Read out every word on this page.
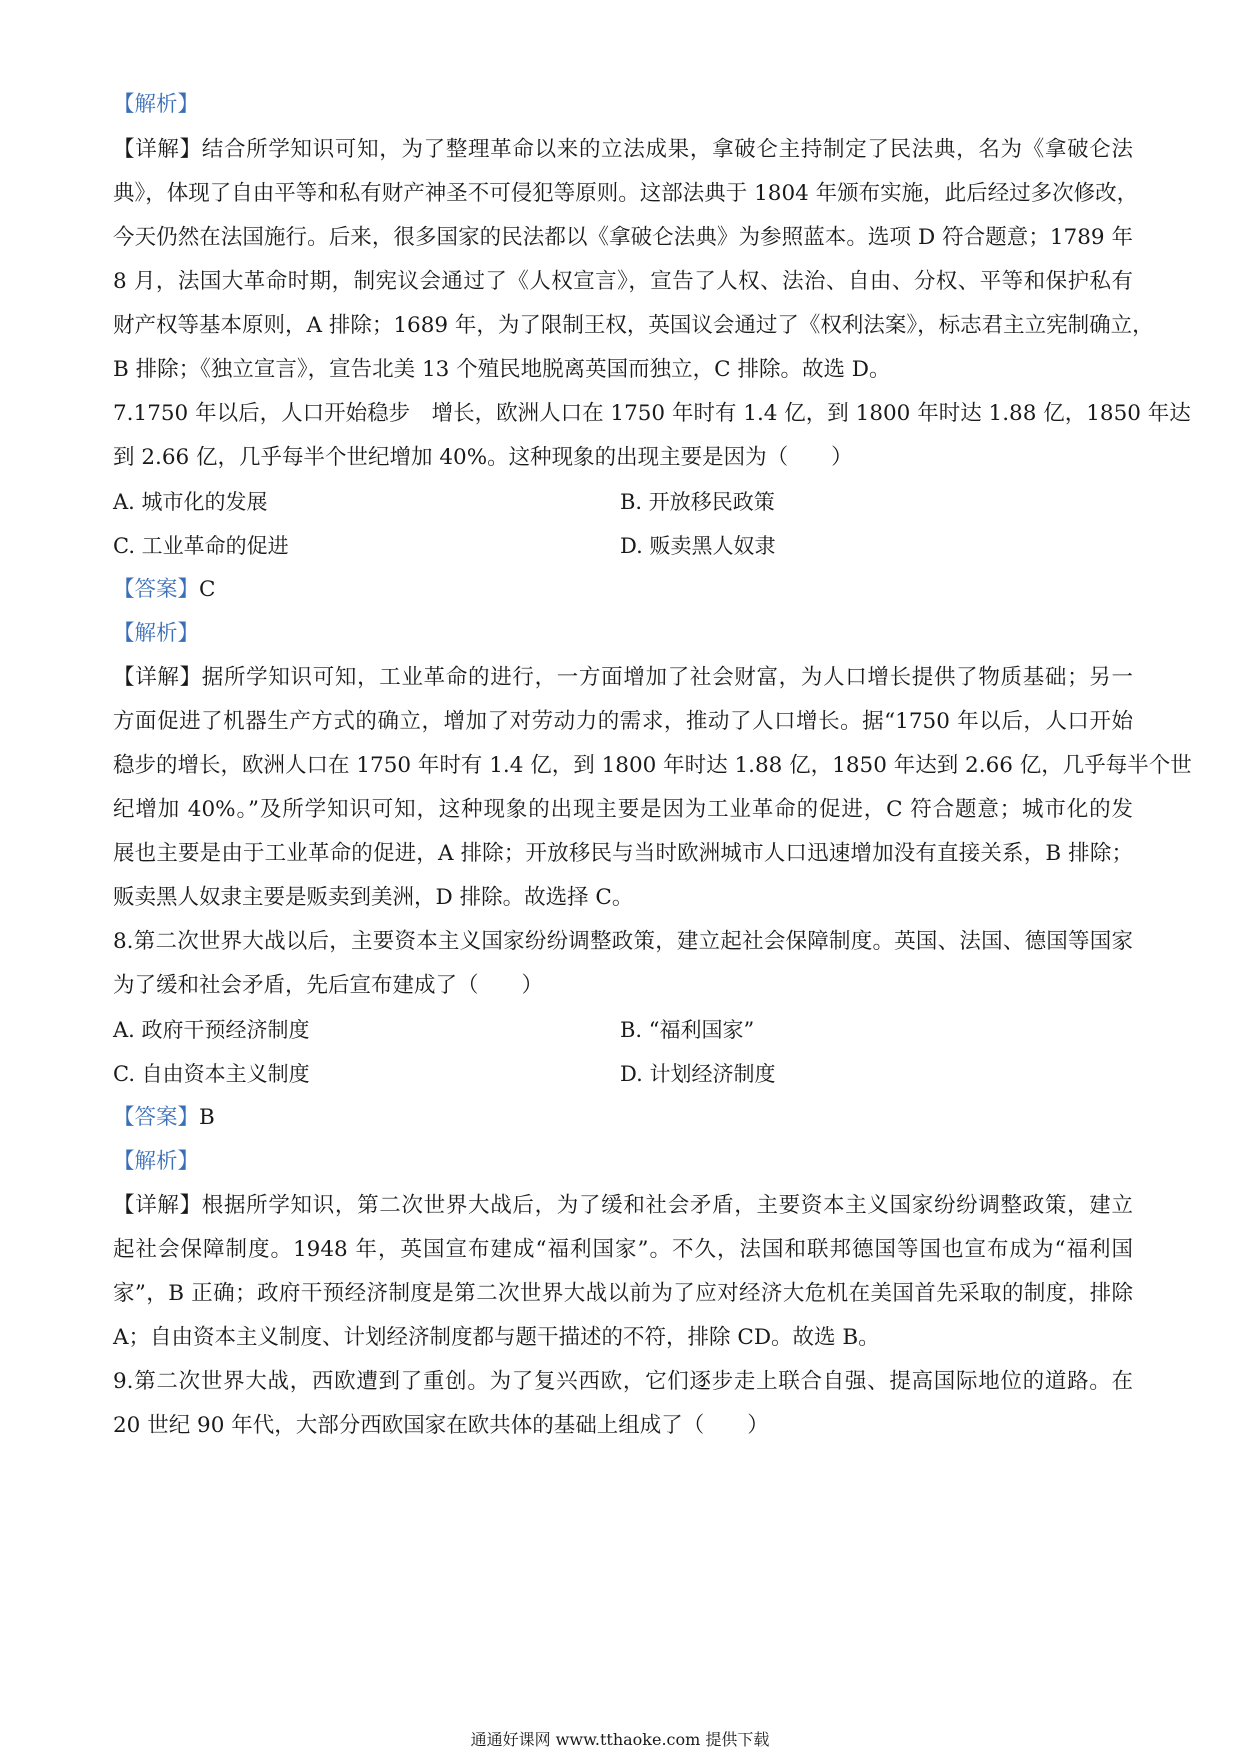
【解析】
【详解】结合所学知识可知，为了整理革命以来的立法成果，拿破仑主持制定了民法典，名为《拿破仑法
典》，体现了自由平等和私有财产神圣不可侵犯等原则。这部法典于 1804 年颁布实施，此后经过多次修改，
今天仍然在法国施行。后来，很多国家的民法都以《拿破仑法典》为参照蓝本。选项 D 符合题意；1789 年
8 月，法国大革命时期，制宪议会通过了《人权宣言》，宣告了人权、法治、自由、分权、平等和保护私有
财产权等基本原则，A 排除；1689 年，为了限制王权，英国议会通过了《权利法案》，标志君主立宪制确立，
B 排除；《独立宣言》，宣告北美 13 个殖民地脱离英国而独立，C 排除。故选 D。
7.1750 年以后，人口开始稳步　增长，欧洲人口在 1750 年时有 1.4 亿，到 1800 年时达 1.88 亿，1850 年达
到 2.66 亿，几乎每半个世纪增加 40%。这种现象的出现主要是因为（　　）
A. 城市化的发展	B. 开放移民政策
C. 工业革命的促进	D. 贩卖黑人奴隶
【答案】C
【解析】
【详解】据所学知识可知，工业革命的进行，一方面增加了社会财富，为人口增长提供了物质基础；另一
方面促进了机器生产方式的确立，增加了对劳动力的需求，推动了人口增长。据“1750 年以后，人口开始
稳步的增长，欧洲人口在 1750 年时有 1.4 亿，到 1800 年时达 1.88 亿，1850 年达到 2.66 亿，几乎每半个世
纪增加 40%。”及所学知识可知，这种现象的出现主要是因为工业革命的促进，C 符合题意；城市化的发
展也主要是由于工业革命的促进，A 排除；开放移民与当时欧洲城市人口迅速增加没有直接关系，B 排除；
贩卖黑人奴隶主要是贩卖到美洲，D 排除。故选择 C。
8.第二次世界大战以后，主要资本主义国家纷纷调整政策，建立起社会保障制度。英国、法国、德国等国家
为了缓和社会矛盾，先后宣布建成了（　　）
A. 政府干预经济制度	B. “福利国家”
C. 自由资本主义制度	D. 计划经济制度
【答案】B
【解析】
【详解】根据所学知识，第二次世界大战后，为了缓和社会矛盾，主要资本主义国家纷纷调整政策，建立
起社会保障制度。1948 年，英国宣布建成“福利国家”。不久，法国和联邦德国等国也宣布成为“福利国
家”，B 正确；政府干预经济制度是第二次世界大战以前为了应对经济大危机在美国首先采取的制度，排除
A；自由资本主义制度、计划经济制度都与题干描述的不符，排除 CD。故选 B。
9.第二次世界大战，西欧遭到了重创。为了复兴西欧，它们逐步走上联合自强、提高国际地位的道路。在
20 世纪 90 年代，大部分西欧国家在欧共体的基础上组成了（　　）
通通好课网 www.tthaoke.com 提供下载
